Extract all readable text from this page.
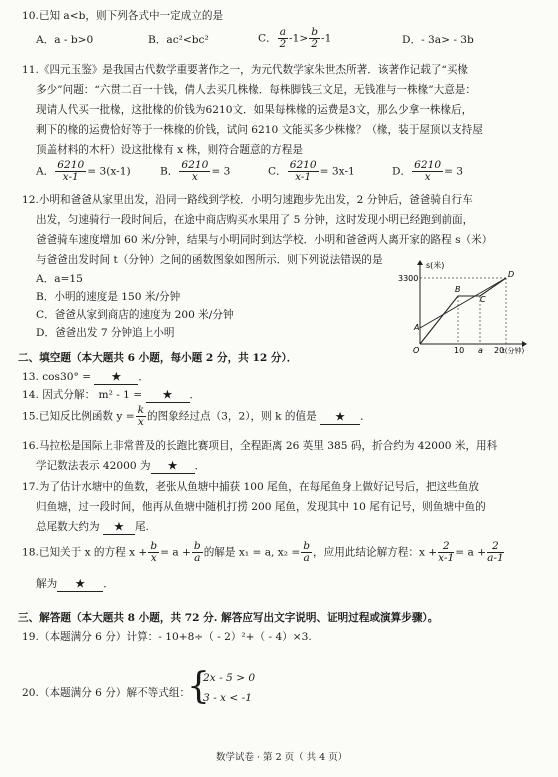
10.已知 a<b，则下列各式中一定成立的是
A．a - b>0	B．ac²<bc²	C． $\frac{a}{2} -1> \frac{b}{2} -1$	D．- 3a> - 3b
11.《四元玉鉴》是我国古代数学重要著作之一，为元代数学家朱世杰所著．该著作记载了“买椽
多少”问题：“六贯二百一十钱，倩人去买几株椽．每株脚钱三文足，无钱准与一株椽”大意是：
现请人代买一批椽，这批椽的价钱为6210文．如果每株椽的运费是3文，那么少拿一株椽后，
剩下的椽的运费恰好等于一株椽的价钱，试问 6210 文能买多少株椽？（椽，装于屋顶以支持屋
顶盖材料的木杆）设这批椽有 x 株，则符合题意的方程是
A． $\frac{6210}{x-1} = 3(x-1)$	B． $\frac{6210}{x} = 3$	C． $\frac{6210}{x-1} = 3x-1$	D． $\frac{6210}{x} = 3$
12.小明和爸爸从家里出发，沿同一路线到学校．小明匀速跑步先出发，2 分钟后，爸爸骑自行车
出发，匀速骑行一段时间后，在途中商店购买水果用了 5 分钟，这时发现小明已经跑到前面，
爸爸骑车速度增加 60 米/分钟，结果与小明同时到达学校．小明和爸爸两人离开家的路程 s（米）
与爸爸出发时间 t（分钟）之间的函数图象如图所示．则下列说法错误的是
A．a=15
B．小明的速度是 150 米/分钟
C．爸爸从家到商店的速度为 200 米/分钟
D．爸爸出发 7 分钟追上小明
s(米)
3300
O	10 a 20
t(分钟)
A
B
C
D
二、填空题（本大题共 6 小题，每小题 2 分，共 12 分）．
13. cos30° = ★ ．
14. 因式分解： m² - 1 = ★ ．
15.已知反比例函数 $y = \frac{k}{x}$ 的图象经过点（3，2），则 k 的值是 ★ ．
16.马拉松是国际上非常普及的长跑比赛项目，全程距离 26 英里 385 码，折合约为 42000 米，用科
学记数法表示 42000 为 ★ ．
17.为了估计水塘中的鱼数，老张从鱼塘中捕获 100 尾鱼，在每尾鱼身上做好记号后，把这些鱼放
归鱼塘，过一段时间，他再从鱼塘中随机打捞 200 尾鱼，发现其中 10 尾有记号，则鱼塘中鱼的
总尾数大约为 ★ 尾.
18.已知关于 x 的方程 $x + \frac{b}{x} = a + \frac{b}{a}$ 的解是 x₁ = a, $x_2 = \frac{b}{a}$ ，应用此结论解方程：$x + \frac{2}{x-1} = a + \frac{2}{a-1}$
解为 ★ ．
三、解答题（本大题共 8 小题，共 72 分. 解答应写出文字说明、证明过程或演算步骤）。
19.（本题满分 6 分）计算：- 10+8÷（ - 2）²+（ - 4）×3.
20.（本题满分 6 分）解不等式组：
{
2x - 5 > 0
3 - x < -1
数学试卷 · 第 2 页（ 共 4 页）
